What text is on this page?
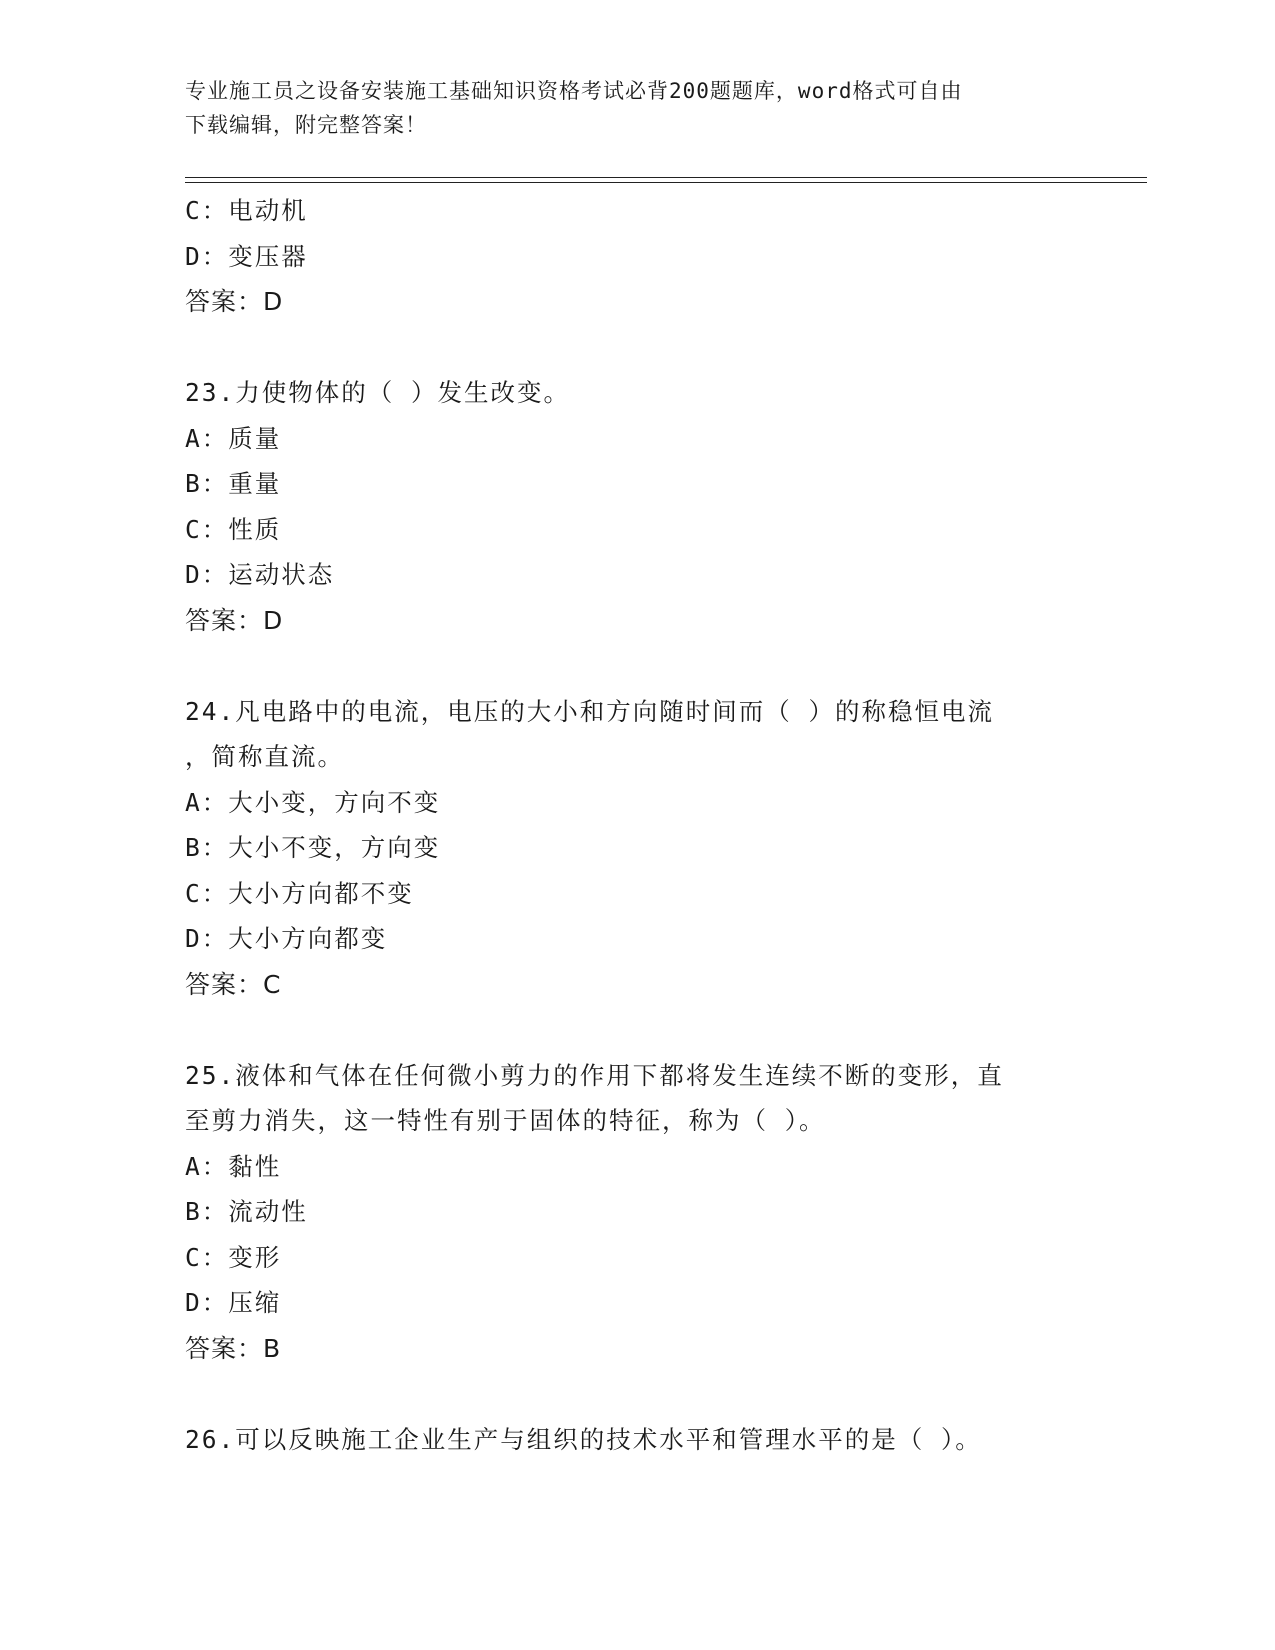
专业施工员之设备安装施工基础知识资格考试必背200题题库，word格式可自由
下载编辑，附完整答案！
C：电动机
D：变压器
答案：D
23.力使物体的（ ）发生改变。
A：质量
B：重量
C：性质
D：运动状态
答案：D
24.凡电路中的电流，电压的大小和方向随时间而（ ）的称稳恒电流
，简称直流。
A：大小变，方向不变
B：大小不变，方向变
C：大小方向都不变
D：大小方向都变
答案：C
25.液体和气体在任何微小剪力的作用下都将发生连续不断的变形，直
至剪力消失，这一特性有别于固体的特征，称为（ ）。
A：黏性
B：流动性
C：变形
D：压缩
答案：B
26.可以反映施工企业生产与组织的技术水平和管理水平的是（ ）。
